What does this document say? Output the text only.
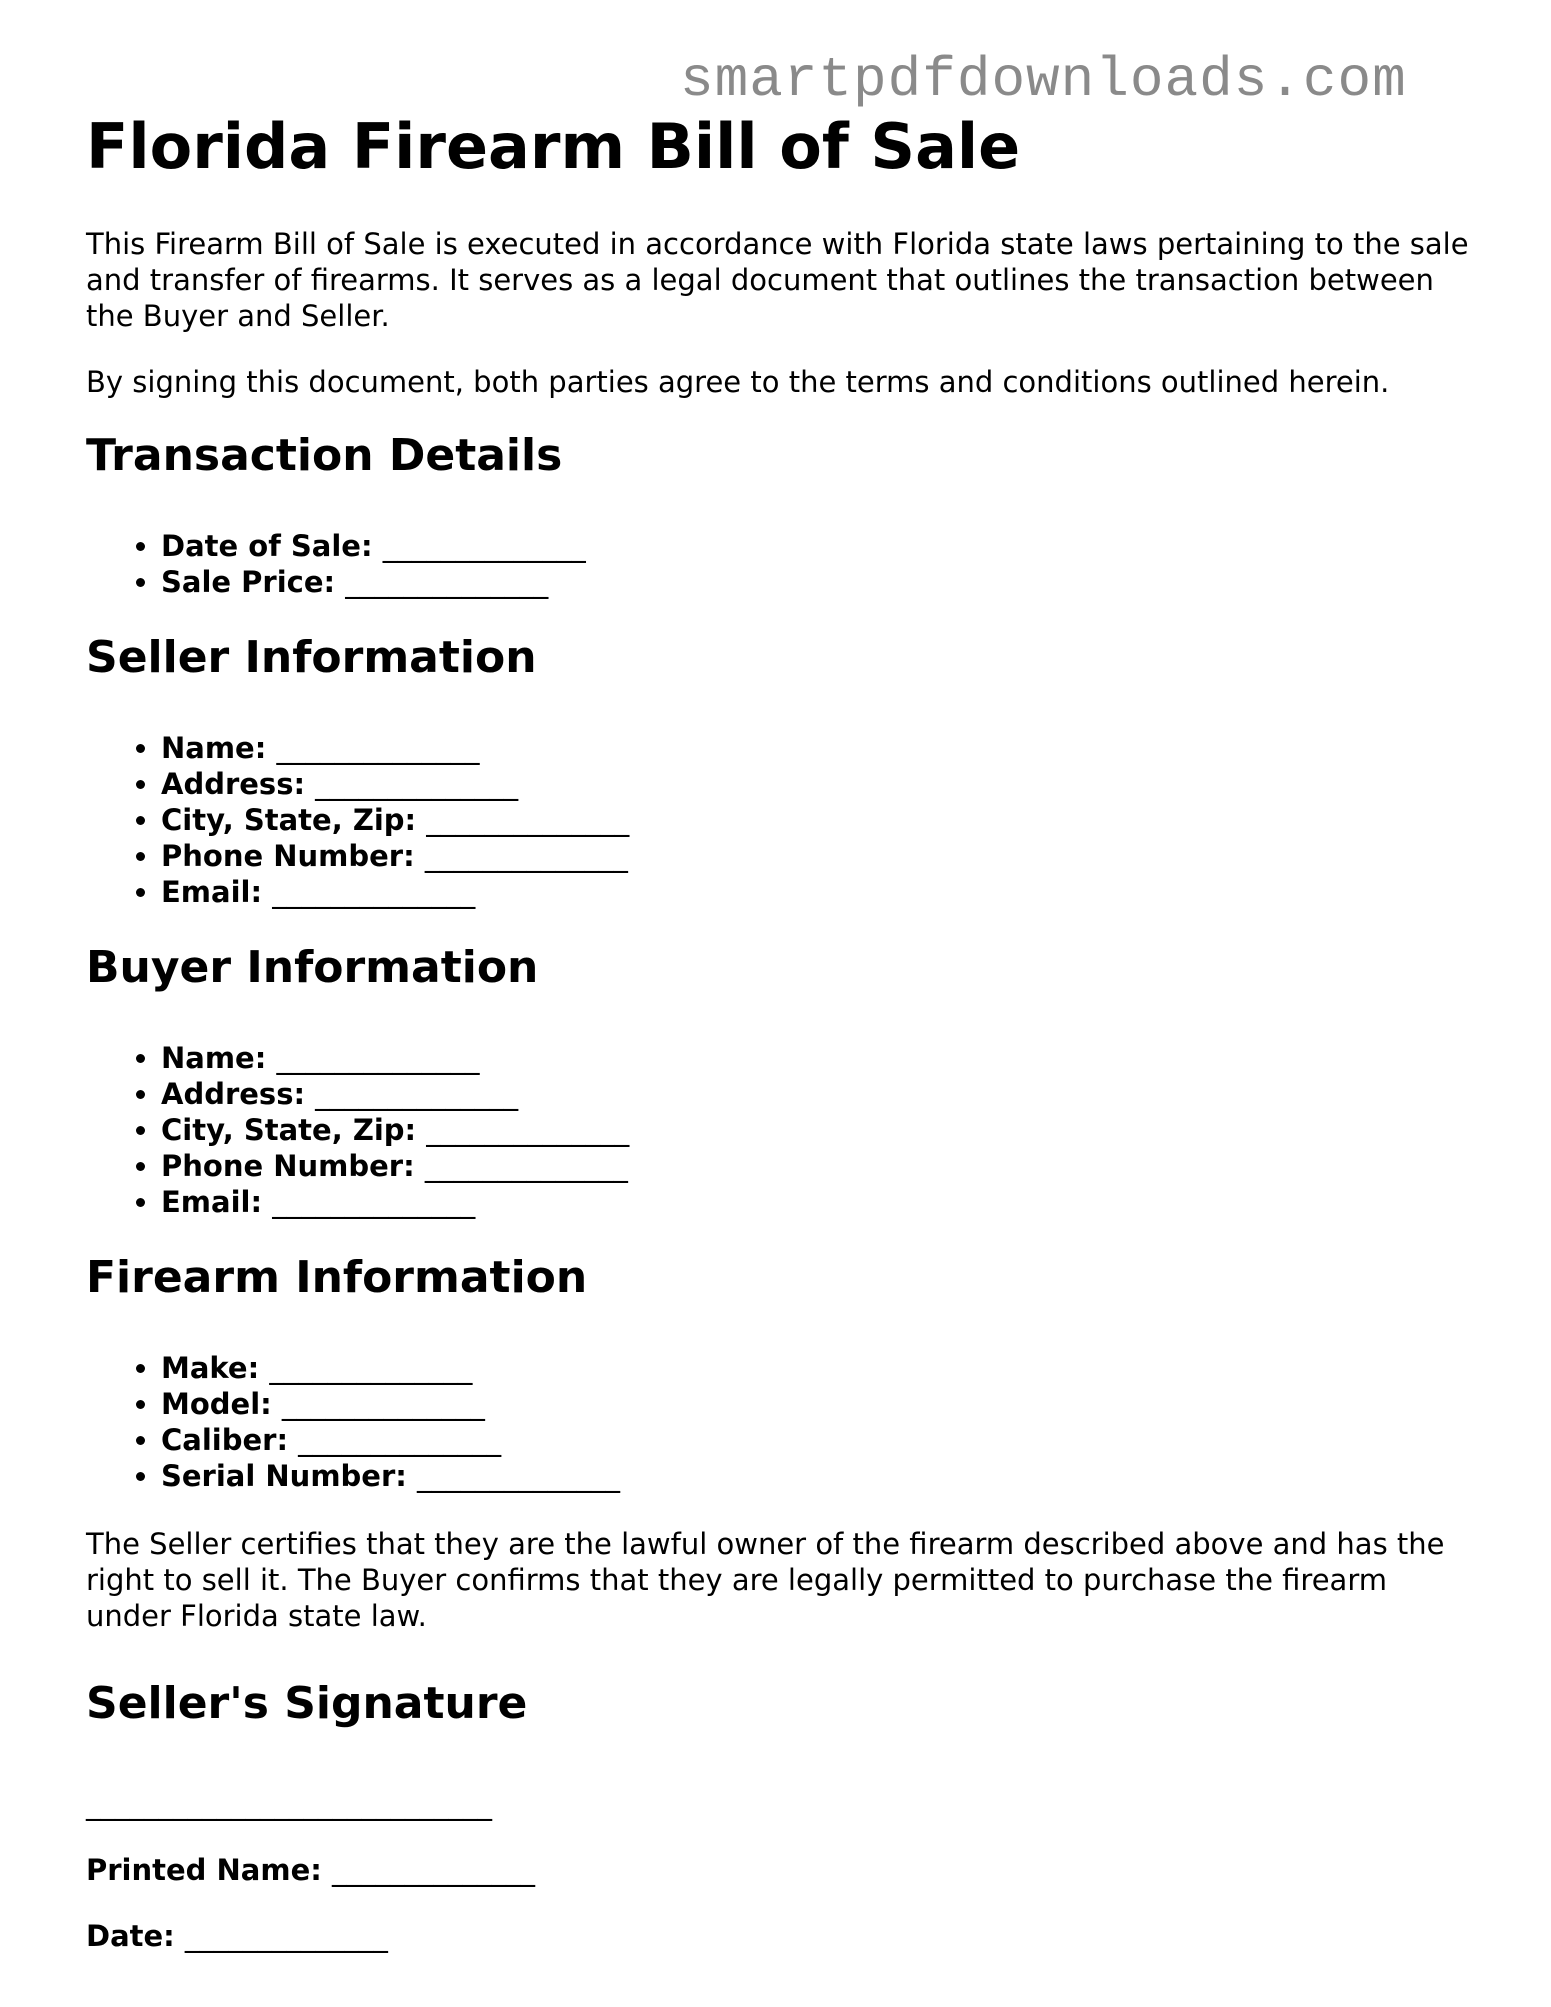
smartpdfdownloads.com
Florida Firearm Bill of Sale

This Firearm Bill of Sale is executed in accordance with Florida state laws pertaining to the sale and transfer of firearms. It serves as a legal document that outlines the transaction between the Buyer and Seller.

By signing this document, both parties agree to the terms and conditions outlined herein.

Transaction Details
• Date of Sale: ______________
• Sale Price: ______________
Seller Information
• Name: ______________
• Address: ______________
• City, State, Zip: ______________
• Phone Number: ______________
• Email: ______________
Buyer Information
• Name: ______________
• Address: ______________
• City, State, Zip: ______________
• Phone Number: ______________
• Email: ______________
Firearm Information
• Make: ______________
• Model: ______________
• Caliber: ______________
• Serial Number: ______________

The Seller certifies that they are the lawful owner of the firearm described above and has the right to sell it. The Buyer confirms that they are legally permitted to purchase the firearm under Florida state law.

Seller's Signature
____________________________
Printed Name: ______________
Date: ______________
